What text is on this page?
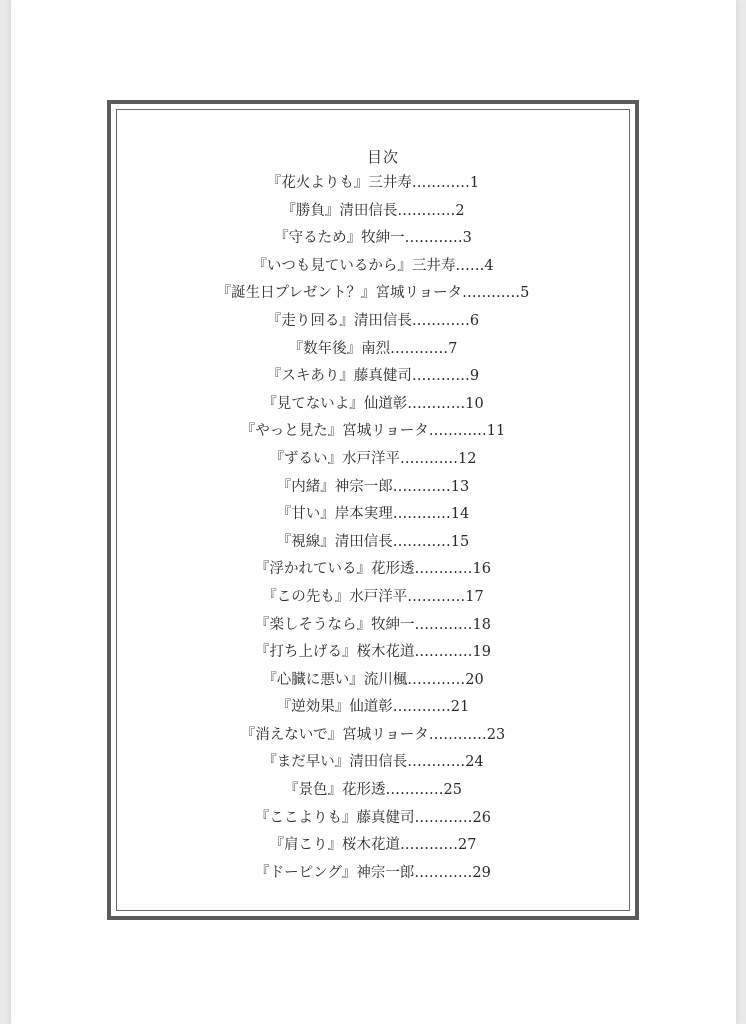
目次
『花火よりも』三井寿…………1
『勝負』清田信長…………2
『守るため』牧紳一…………3
『いつも見ているから』三井寿……4
『誕生日プレゼント？』宮城リョータ…………5
『走り回る』清田信長…………6
『数年後』南烈…………7
『スキあり』藤真健司…………9
『見てないよ』仙道彰…………10
『やっと見た』宮城リョータ…………11
『ずるい』水戸洋平…………12
『内緒』神宗一郎…………13
『甘い』岸本実理…………14
『視線』清田信長…………15
『浮かれている』花形透…………16
『この先も』水戸洋平…………17
『楽しそうなら』牧紳一…………18
『打ち上げる』桜木花道…………19
『心臓に悪い』流川楓…………20
『逆効果』仙道彰…………21
『消えないで』宮城リョータ…………23
『まだ早い』清田信長…………24
『景色』花形透…………25
『ここよりも』藤真健司…………26
『肩こり』桜木花道…………27
『ドーピング』神宗一郎…………29
